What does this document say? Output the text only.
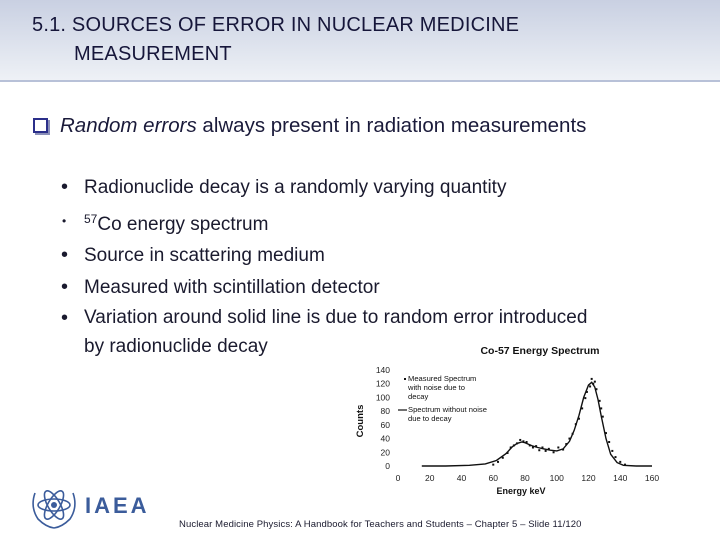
5.1. SOURCES OF ERROR IN NUCLEAR MEDICINE
MEASUREMENT
Random errors always present in radiation measurements
• Radionuclide decay is a randomly varying quantity
• $^{57}$Co energy spectrum
• Source in scattering medium
• Measured with scintillation detector
• Variation around solid line is due to random error introduced
by radionuclide decay	Co-57 Energy Spectrum
0
20
40
60
80
100
120
140
0	20	40	60	80 100 120 140 160
Measured Spectrum
with noise due to
decay
Spectrum without noise
due to decay
Energy keV
Counts
IAEA
Nuclear Medicine Physics: A Handbook for Teachers and Students – Chapter 5 – Slide 11/120
